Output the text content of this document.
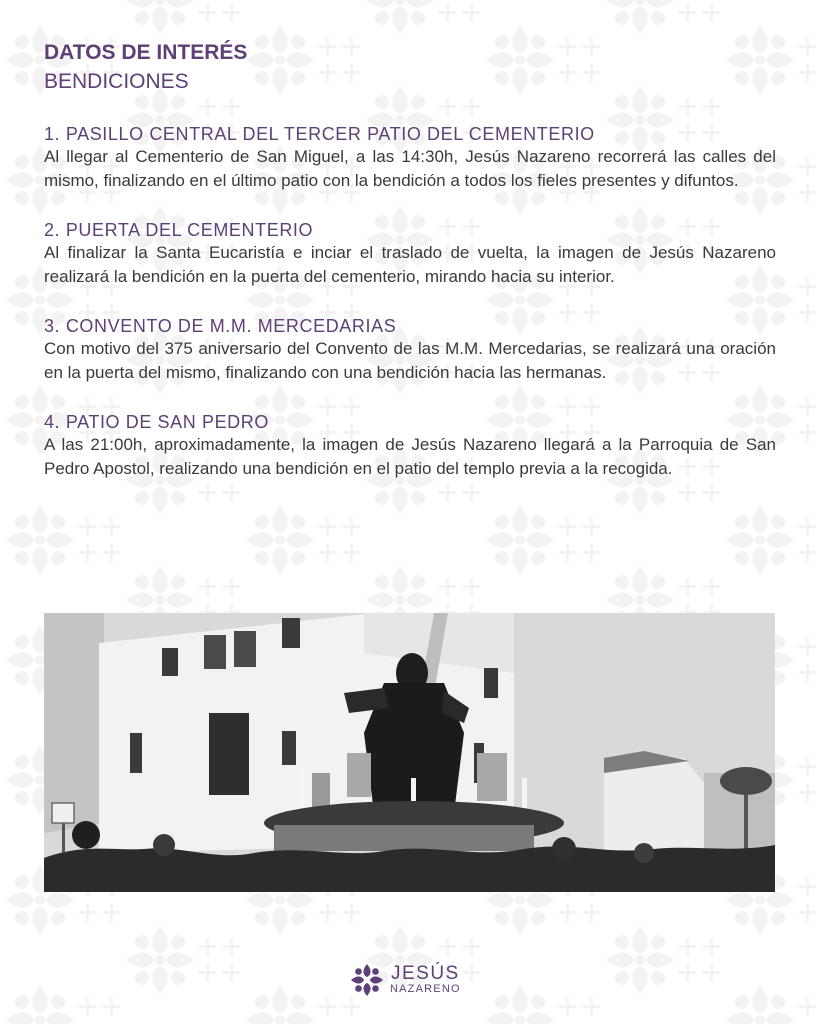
DATOS DE INTERÉS
BENDICIONES
1. PASILLO CENTRAL DEL TERCER PATIO DEL CEMENTERIO

Al llegar al Cementerio de San Miguel, a las 14:30h, Jesús Nazareno recorrerá las calles del mismo, finalizando en el último patio con la bendición a todos los fieles presentes y difuntos.

2. PUERTA DEL CEMENTERIO

Al finalizar la Santa Eucaristía e inciar el traslado de vuelta, la imagen de Jesús Nazareno realizará la bendición en la puerta del cementerio, mirando hacia su interior.

3. CONVENTO DE M.M. MERCEDARIAS

Con motivo del 375 aniversario del Convento de las M.M. Mercedarias, se realizará una oración en la puerta del mismo, finalizando con una bendición hacia las hermanas.

4. PATIO DE SAN PEDRO

A las 21:00h, aproximadamente, la imagen de Jesús Nazareno llegará a la Parroquia de San Pedro Apostol, realizando una bendición en el patio del templo previa a la recogida.

JESÚS
NAZARENO
